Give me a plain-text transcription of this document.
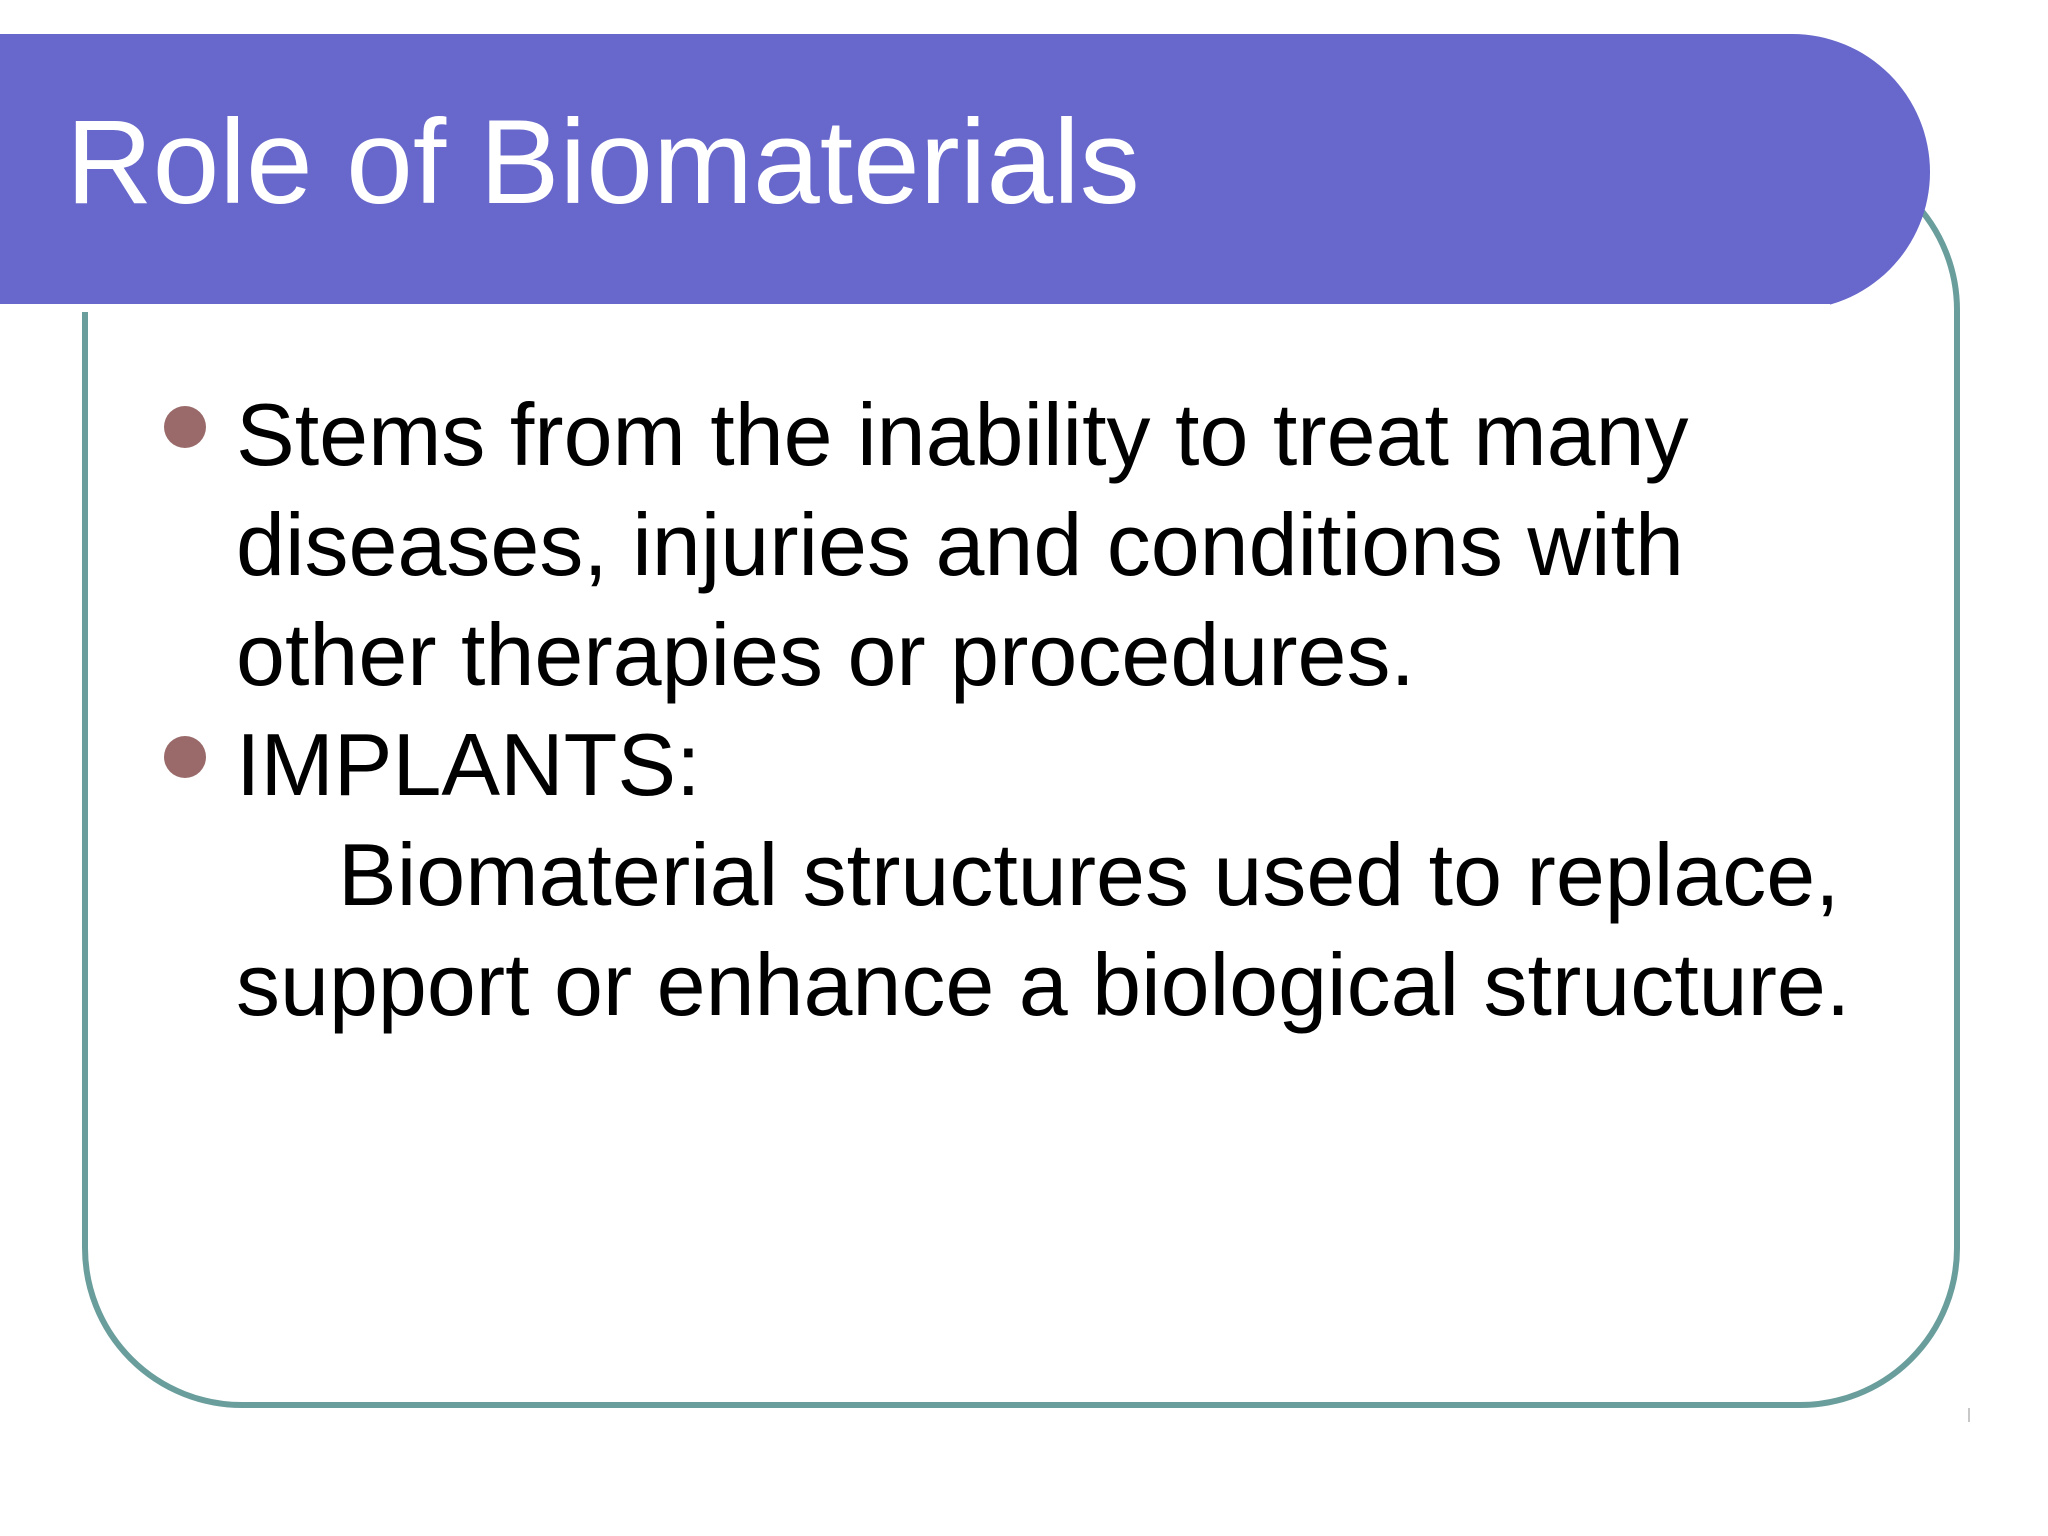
Role of Biomaterials
Stems from the inability to treat many diseases, injuries and conditions with other therapies or procedures.
IMPLANTS:

Biomaterial structures used to replace, support or enhance a biological structure.
